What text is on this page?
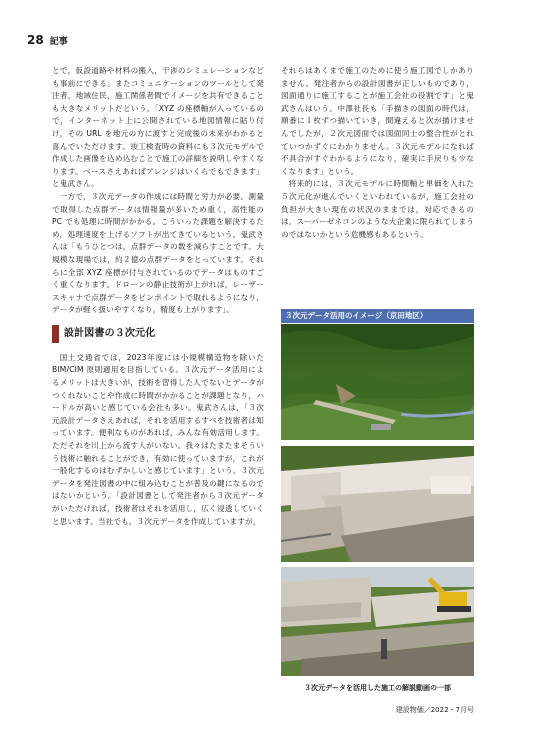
28 記事

とで，仮設道路や材料の搬入，干渉のシミュレーションなども事前にできる。またコミュニケーションのツールとして発注者，地域住民，施工関係者間でイメージを共有できることも大きなメリットだという。「XYZ の座標軸が入っているので，インターネット上に公開されている地図情報に貼り付け，その URL を地元の方に渡すと完成後の未来がわかると喜んでいただけます。竣工検査時の資料にも３次元モデルで作成した画像を込め込むことで施工の詳細を説明しやすくなります。ベースさえあればアレンジはいくらでもできます」と鬼武さん。

一方で，３次元データの作成には時間と労力が必要。測量で取得した点群データは情報量が多いため重く，高性能の PC でも処理に時間がかかる。こういった課題を解決するため，処理速度を上げるソフトが出てきているという。鬼武さんは「もうひとつは，点群データの数を減らすことです。大規模な現場では，約２億の点群データをとっています。それらに全部 XYZ 座標が付与されているのでデータはものすごく重くなります。ドローンの静止技術が上がれば，レーザースキャナで点群データをピンポイントで取れるようになり，データが軽く扱いやすくなり，精度も上がります」。

設計図書の３次元化

国土交通省では，2023年度には小規模構造物を除いた BIM/CIM 原則適用を目指している。３次元データ活用によるメリットは大きいが，技術を習得した人でないとデータがつくれないことや作成に時間がかかることが課題となり，ハードルが高いと感じている会社も多い。鬼武さんは，「３次元設計データさえあれば，それを活用するすべを技術者は知っています。便利なものがあれば，みんな有効活用します。ただそれを川上から流す人がいない。我々はたまたまそういう技術に触れることができ，有効に使っていますが，これが一般化するのはむずかしいと感じています」という。３次元データを発注図書の中に組み込むことが普及の鍵になるのではないかという。「設計図書として発注者から３次元データがいただければ，技術者はそれを活用し，広く浸透していくと思います。当社でも，３次元データを作成していますが，

それらはあくまで施工のために使う施工図でしかありません。発注者からの設計図書が正しいものであり，図面通りに施工することが施工会社の役割です」と鬼武さんはいう。中澤社長も「手描きの図面の時代は，順番に１枚ずつ描いていき，間違えると次が描けませんでしたが，２次元図面では図面同士の整合性がとれていつかずぐにわかりません。３次元モデルになれば不具合がすぐわかるようになり，確実に手戻りも少なくなります」という。

将来的には，３次元モデルに時間軸と単価を入れた５次元化が進んでいくといわれているが，施工会社の負担が大きい現在の状況のままでは，対応できるのは，スーパーゼネコンのような大企業に限られてしまうのではないかという危機感もあるという。

３次元データ活用のイメージ（京田地区）
３次元データを活用した施工の解説動画の一部
建設物価／2022・7月号
